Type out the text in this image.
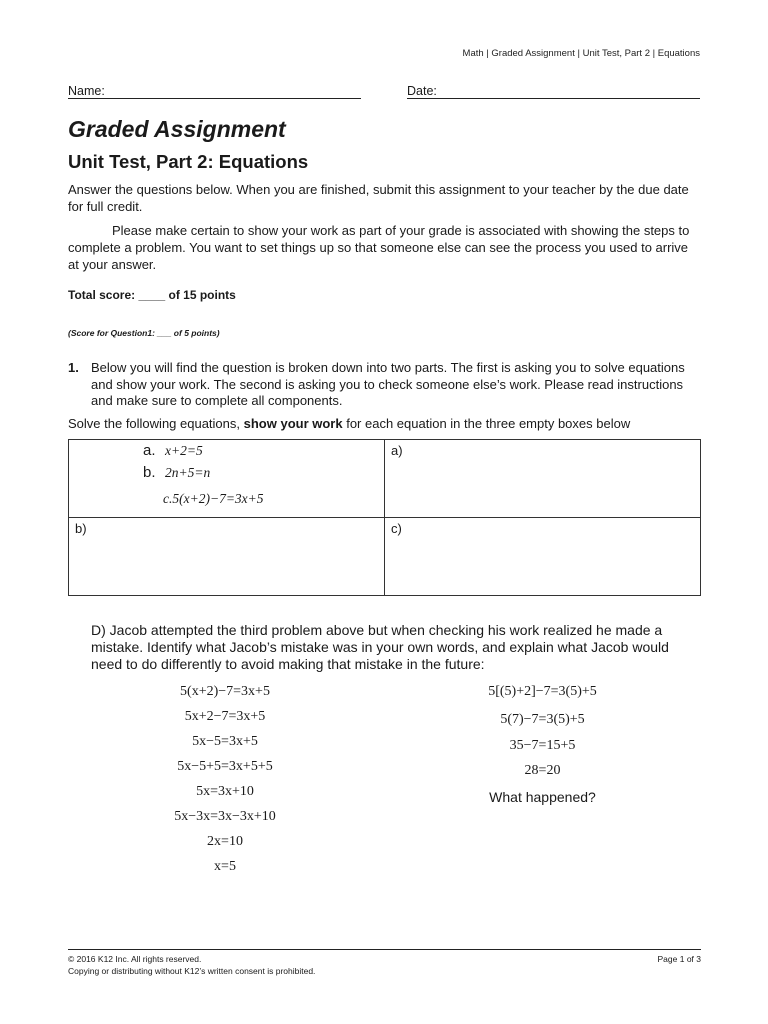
Math | Graded Assignment | Unit Test, Part 2 | Equations
Name:	Date:
Graded Assignment
Unit Test, Part 2: Equations
Answer the questions below. When you are finished, submit this assignment to your teacher by the due date for full credit.
Please make certain to show your work as part of your grade is associated with showing the steps to complete a problem. You want to set things up so that someone else can see the process you used to arrive at your answer.
Total score: ____ of 15 points
(Score for Question1: ___ of 5 points)
1. Below you will find the question is broken down into two parts. The first is asking you to solve equations and show your work. The second is asking you to check someone else’s work. Please read instructions and make sure to complete all components.
Solve the following equations, show your work for each equation in the three empty boxes below
a. x+2=5
b. 2n+5=n
c.5(x+2)−7=3x+5	a)

b)	c)
D) Jacob attempted the third problem above but when checking his work realized he made a mistake. Identify what Jacob’s mistake was in your own words, and explain what Jacob would need to do differently to avoid making that mistake in the future:
5(x+2)−7=3x+5
5x+2−7=3x+5
5x−5=3x+5
5x−5+5=3x+5+5
5x=3x+10
5x−3x=3x−3x+10
2x=10
x=5
5[(5)+2]−7=3(5)+5
5(7)−7=3(5)+5
35−7=15+5
28=20
What happened?
© 2016 K12 Inc. All rights reserved.
Copying or distributing without K12’s written consent is prohibited.
Page 1 of 3
